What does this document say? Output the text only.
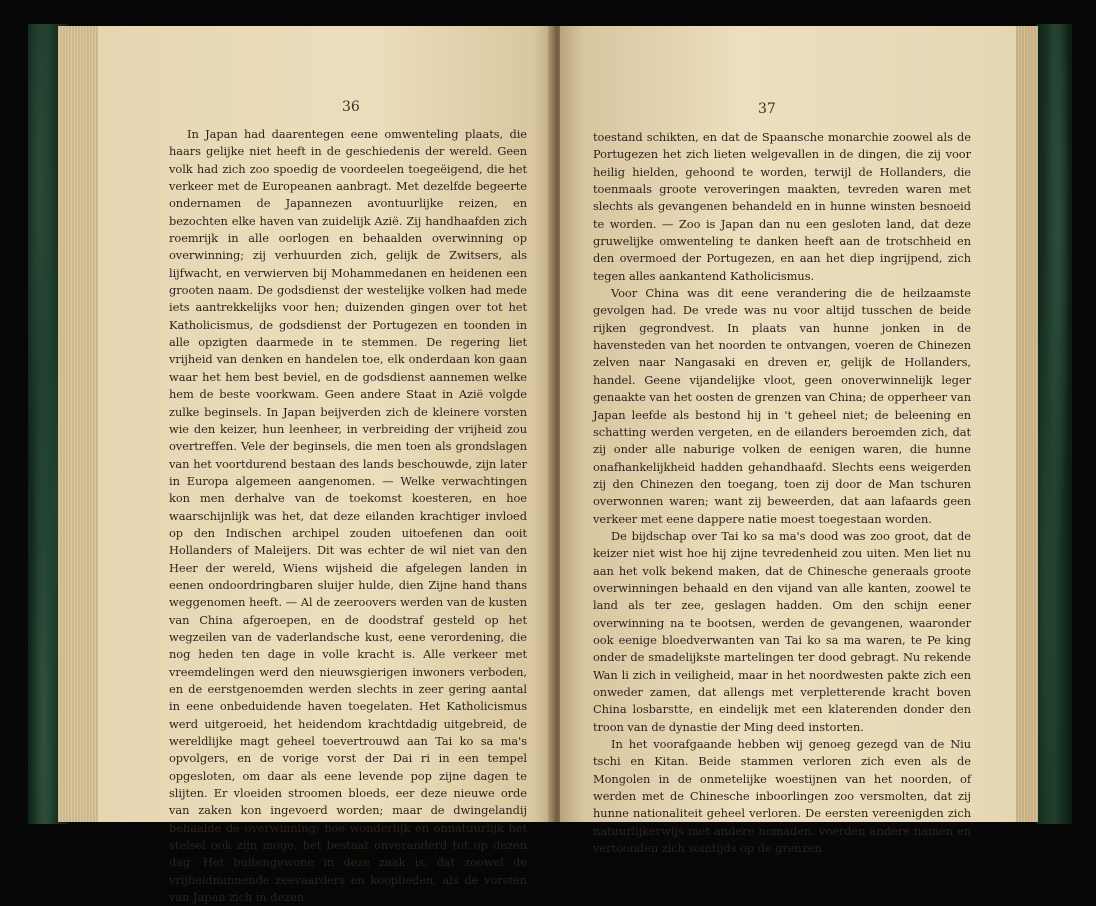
36

In Japan had daarentegen eene omwenteling plaats, die haars gelijke niet heeft in de geschiedenis der wereld. Geen volk had zich zoo spoedig de voordeelen toegeëigend, die het verkeer met de Europeanen aanbragt. Met dezelfde begeerte ondernamen de Japannezen avontuurlijke reizen, en bezochten elke haven van zuidelijk Azië. Zij handhaafden zich roemrijk in alle oorlogen en behaalden overwinning op overwinning; zij verhuurden zich, gelijk de Zwitsers, als lijfwacht, en verwierven bij Mohammedanen en heidenen een grooten naam. De godsdienst der westelijke volken had mede iets aantrekkelijks voor hen; duizenden gingen over tot het Katholicismus, de godsdienst der Portugezen en toonden in alle opzigten daarmede in te stemmen. De regering liet vrijheid van denken en handelen toe, elk onderdaan kon gaan waar het hem best beviel, en de godsdienst aannemen welke hem de beste voorkwam. Geen andere Staat in Azië volgde zulke beginsels. In Japan beijverden zich de kleinere vorsten wie den keizer, hun leenheer, in verbreiding der vrijheid zou overtreffen. Vele der beginsels, die men toen als grondslagen van het voortdurend bestaan des lands beschouwde, zijn later in Europa algemeen aangenomen. — Welke verwachtingen kon men derhalve van de toekomst koesteren, en hoe waarschijnlijk was het, dat deze eilanden krachtiger invloed op den Indischen archipel zouden uitoefenen dan ooit Hollanders of Maleijers. Dit was echter de wil niet van den Heer der wereld, Wiens wijsheid die afgelegen landen in eenen ondoordringbaren sluijer hulde, dien Zijne hand thans weggenomen heeft. — Al de zeeroovers werden van de kusten van China afgeroepen, en de doodstraf gesteld op het wegzeilen van de vaderlandsche kust, eene verordening, die nog heden ten dage in volle kracht is. Alle verkeer met vreemdelingen werd den nieuwsgierigen inwoners verboden, en de eerstgenoemden werden slechts in zeer gering aantal in eene onbeduidende haven toegelaten. Het Katholicismus werd uitgeroeid, het heidendom krachtdadig uitgebreid, de wereldlijke magt geheel toevertrouwd aan Tai ko sa ma's opvolgers, en de vorige vorst der Dai ri in een tempel opgesloten, om daar als eene levende pop zijne dagen te slijten. Er vloeiden stroomen bloeds, eer deze nieuwe orde van zaken kon ingevoerd worden; maar de dwingelandij behaalde de overwinning; hoe wonderlijk en onnatuurlijk het stelsel ook zijn moge, het bestaat onveranderd tot op dezen dag. Het buitengewone in deze zaak is, dat zoowel de vrijheidminnende zeevaarders en kooplieden, als de vorsten van Japan zich in dezen

37

toestand schikten, en dat de Spaansche monarchie zoowel als de Portugezen het zich lieten welgevallen in de dingen, die zij voor heilig hielden, gehoond te worden, terwijl de Hollanders, die toenmaals groote veroveringen maakten, tevreden waren met slechts als gevangenen behandeld en in hunne winsten besnoeid te worden. — Zoo is Japan dan nu een gesloten land, dat deze gruwelijke omwenteling te danken heeft aan de trotschheid en den overmoed der Portugezen, en aan het diep ingrijpend, zich tegen alles aankantend Katholicismus.

Voor China was dit eene verandering die de heilzaamste gevolgen had. De vrede was nu voor altijd tusschen de beide rijken gegrondvest. In plaats van hunne jonken in de havensteden van het noorden te ontvangen, voeren de Chinezen zelven naar Nangasaki en dreven er, gelijk de Hollanders, handel. Geene vijandelijke vloot, geen onoverwinnelijk leger genaakte van het oosten de grenzen van China; de opperheer van Japan leefde als bestond hij in 't geheel niet; de beleening en schatting werden vergeten, en de eilanders beroemden zich, dat zij onder alle naburige volken de eenigen waren, die hunne onafhankelijkheid hadden gehandhaafd. Slechts eens weigerden zij den Chinezen den toegang, toen zij door de Man tschuren overwonnen waren; want zij beweerden, dat aan lafaards geen verkeer met eene dappere natie moest toegestaan worden.

De bijdschap over Tai ko sa ma's dood was zoo groot, dat de keizer niet wist hoe hij zijne tevredenheid zou uiten. Men liet nu aan het volk bekend maken, dat de Chinesche generaals groote overwinningen behaald en den vijand van alle kanten, zoowel te land als ter zee, geslagen hadden. Om den schijn eener overwinning na te bootsen, werden de gevangenen, waaronder ook eenige bloedverwanten van Tai ko sa ma waren, te Pe king onder de smadelijkste martelingen ter dood gebragt. Nu rekende Wan li zich in veiligheid, maar in het noordwesten pakte zich een onweder zamen, dat allengs met verpletterende kracht boven China losbarstte, en eindelijk met een klaterenden donder den troon van de dynastie der Ming deed instorten.

In het voorafgaande hebben wij genoeg gezegd van de Niu tschi en Kitan. Beide stammen verloren zich even als de Mongolen in de onmetelijke woestijnen van het noorden, of werden met de Chinesche inboorlingen zoo versmolten, dat zij hunne nationaliteit geheel verloren. De eersten vereenigden zich natuurlijkerwijs met andere nomaden, voerden andere namen en vertoonden zich somtijds op de grenzen
